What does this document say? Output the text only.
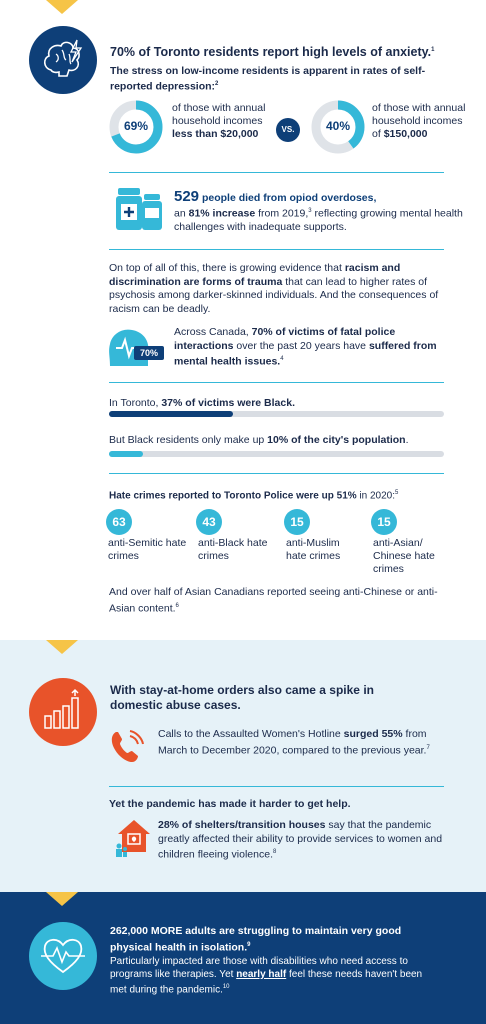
70% of Toronto residents report high levels of anxiety.$^1$
The stress on low-income residents is apparent in rates of self-reported depression:$^2$
69%
of those with annual household incomes less than $20,000	VS.	40%
of those with annual household incomes of $150,000
529 people died from opiod overdoses,
an 81% increase from 2019,$^3$ reflecting growing mental health challenges with inadequate supports.
On top of all of this, there is growing evidence that racism and discrimination are forms of trauma that can lead to higher rates of psychosis among darker-skinned individuals. And the consequences of racism can be deadly.
70%
Across Canada, 70% of victims of fatal police interactions over the past 20 years have suffered from mental health issues.$^4$
In Toronto, 37% of victims were Black.
But Black residents only make up 10% of the city's population.
Hate crimes reported to Toronto Police were up 51% in 2020:$^5$
63
anti-Semitic hate crimes
43
anti-Black hate crimes
15
anti-Muslim hate crimes
15
anti-Asian/ Chinese hate crimes
And over half of Asian Canadians reported seeing anti-Chinese or anti-Asian content.$^6$
With stay-at-home orders also came a spike in domestic abuse cases.
Calls to the Assaulted Women's Hotline surged 55% from March to December 2020, compared to the previous year.$^7$
Yet the pandemic has made it harder to get help.
28% of shelters/transition houses say that the pandemic greatly affected their ability to provide services to women and children fleeing violence.$^8$
262,000 MORE adults are struggling to maintain very good physical health in isolation.$^9$
Particularly impacted are those with disabilities who need access to programs like therapies. Yet nearly half feel these needs haven't been met during the pandemic.$^{10}$
